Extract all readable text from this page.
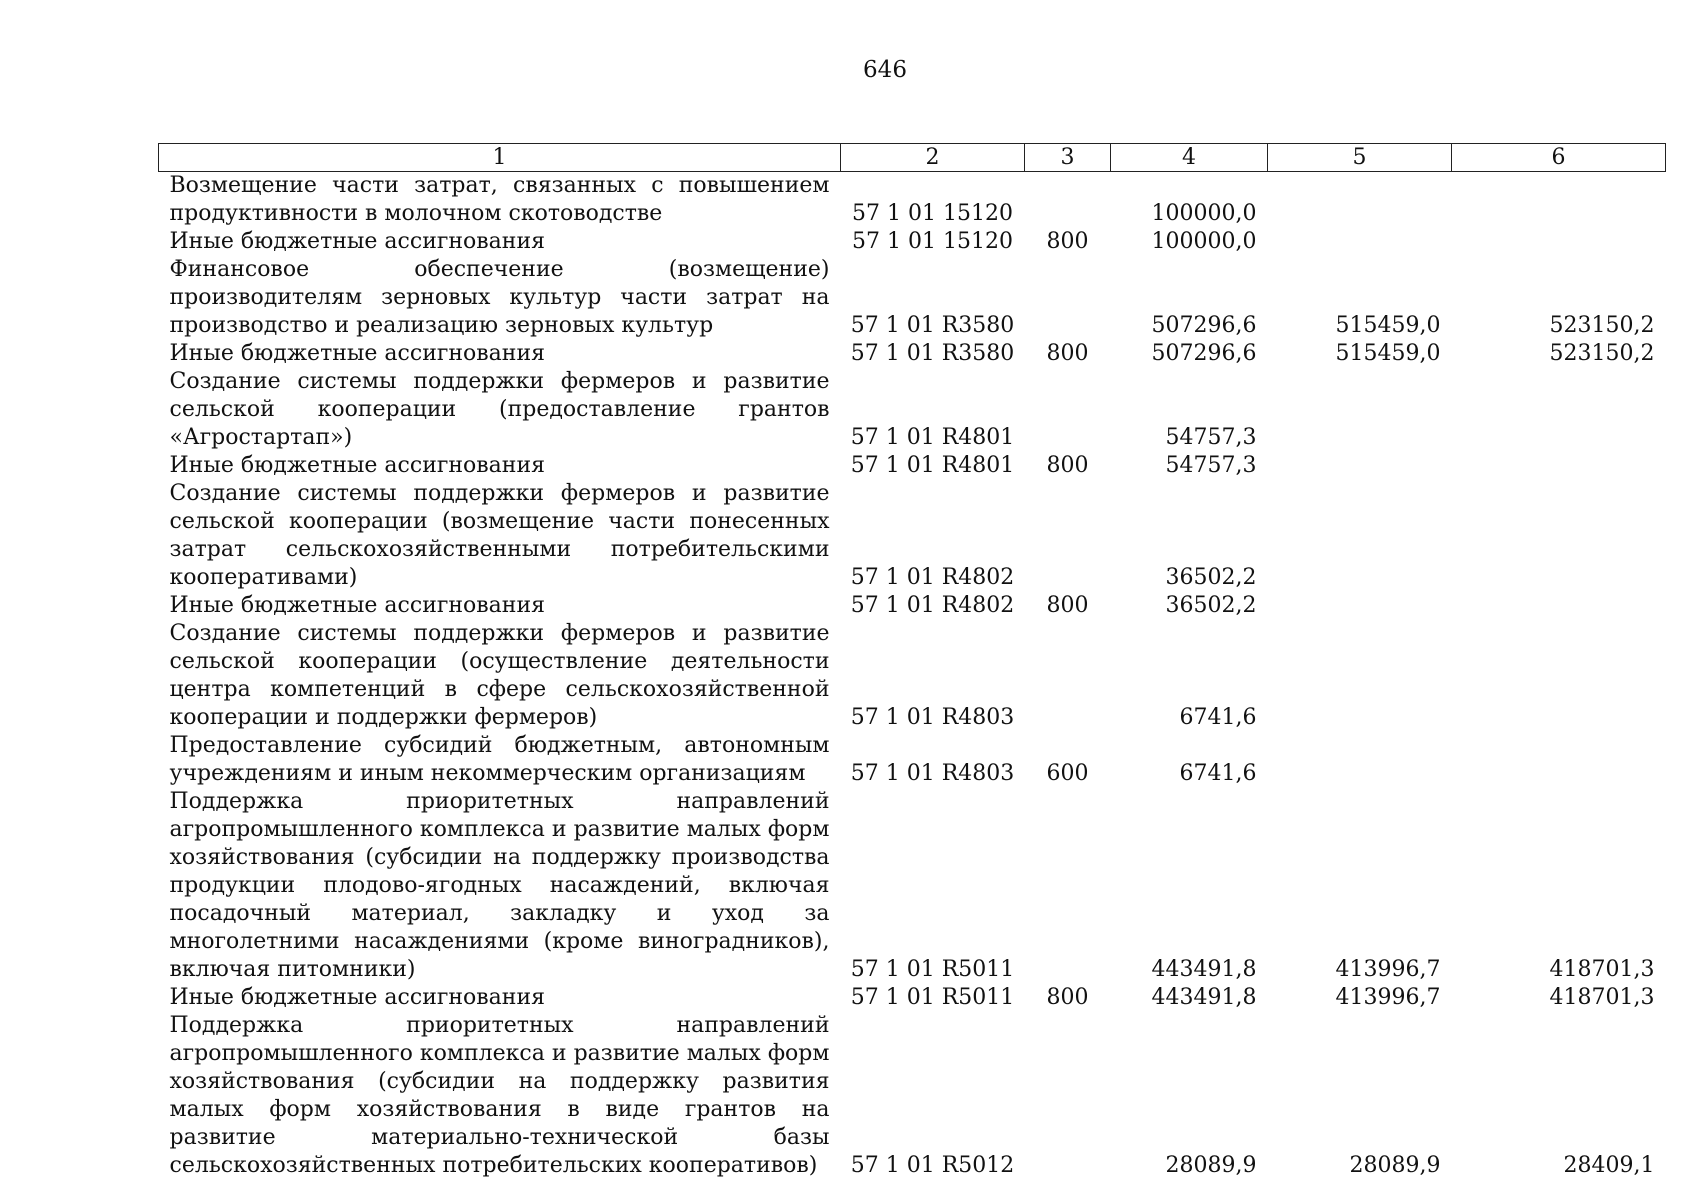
646
1	2	3	4	5	6
Возмещение части затрат, связанных с повышением продуктивности в молочном скотоводстве	57 1 01 15120		100000,0		
Иные бюджетные ассигнования	57 1 01 15120	800	100000,0		
Финансовое обеспечение (возмещение) производителям зерновых культур части затрат на производство и реализацию зерновых культур	57 1 01 R3580		507296,6	515459,0	523150,2
Иные бюджетные ассигнования	57 1 01 R3580	800	507296,6	515459,0	523150,2
Создание системы поддержки фермеров и развитие сельской кооперации (предоставление грантов «Агростартап»)	57 1 01 R4801		54757,3		
Иные бюджетные ассигнования	57 1 01 R4801	800	54757,3		
Создание системы поддержки фермеров и развитие сельской кооперации (возмещение части понесенных затрат сельскохозяйственными потребительскими кооперативами)	57 1 01 R4802		36502,2		
Иные бюджетные ассигнования	57 1 01 R4802	800	36502,2		
Создание системы поддержки фермеров и развитие сельской кооперации (осуществление деятельности центра компетенций в сфере сельскохозяйственной кооперации и поддержки фермеров)	57 1 01 R4803		6741,6		
Предоставление субсидий бюджетным, автономным учреждениям и иным некоммерческим организациям	57 1 01 R4803	600	6741,6		
Поддержка приоритетных направлений агропромышленного комплекса и развитие малых форм хозяйствования (субсидии на поддержку производства продукции плодово-ягодных насаждений, включая посадочный материал, закладку и уход за многолетними насаждениями (кроме виноградников), включая питомники)	57 1 01 R5011		443491,8	413996,7	418701,3
Иные бюджетные ассигнования	57 1 01 R5011	800	443491,8	413996,7	418701,3
Поддержка приоритетных направлений агропромышленного комплекса и развитие малых форм хозяйствования (субсидии на поддержку развития малых форм хозяйствования в виде грантов на развитие материально-технической базы сельскохозяйственных потребительских кооперативов)	57 1 01 R5012		28089,9	28089,9	28409,1
